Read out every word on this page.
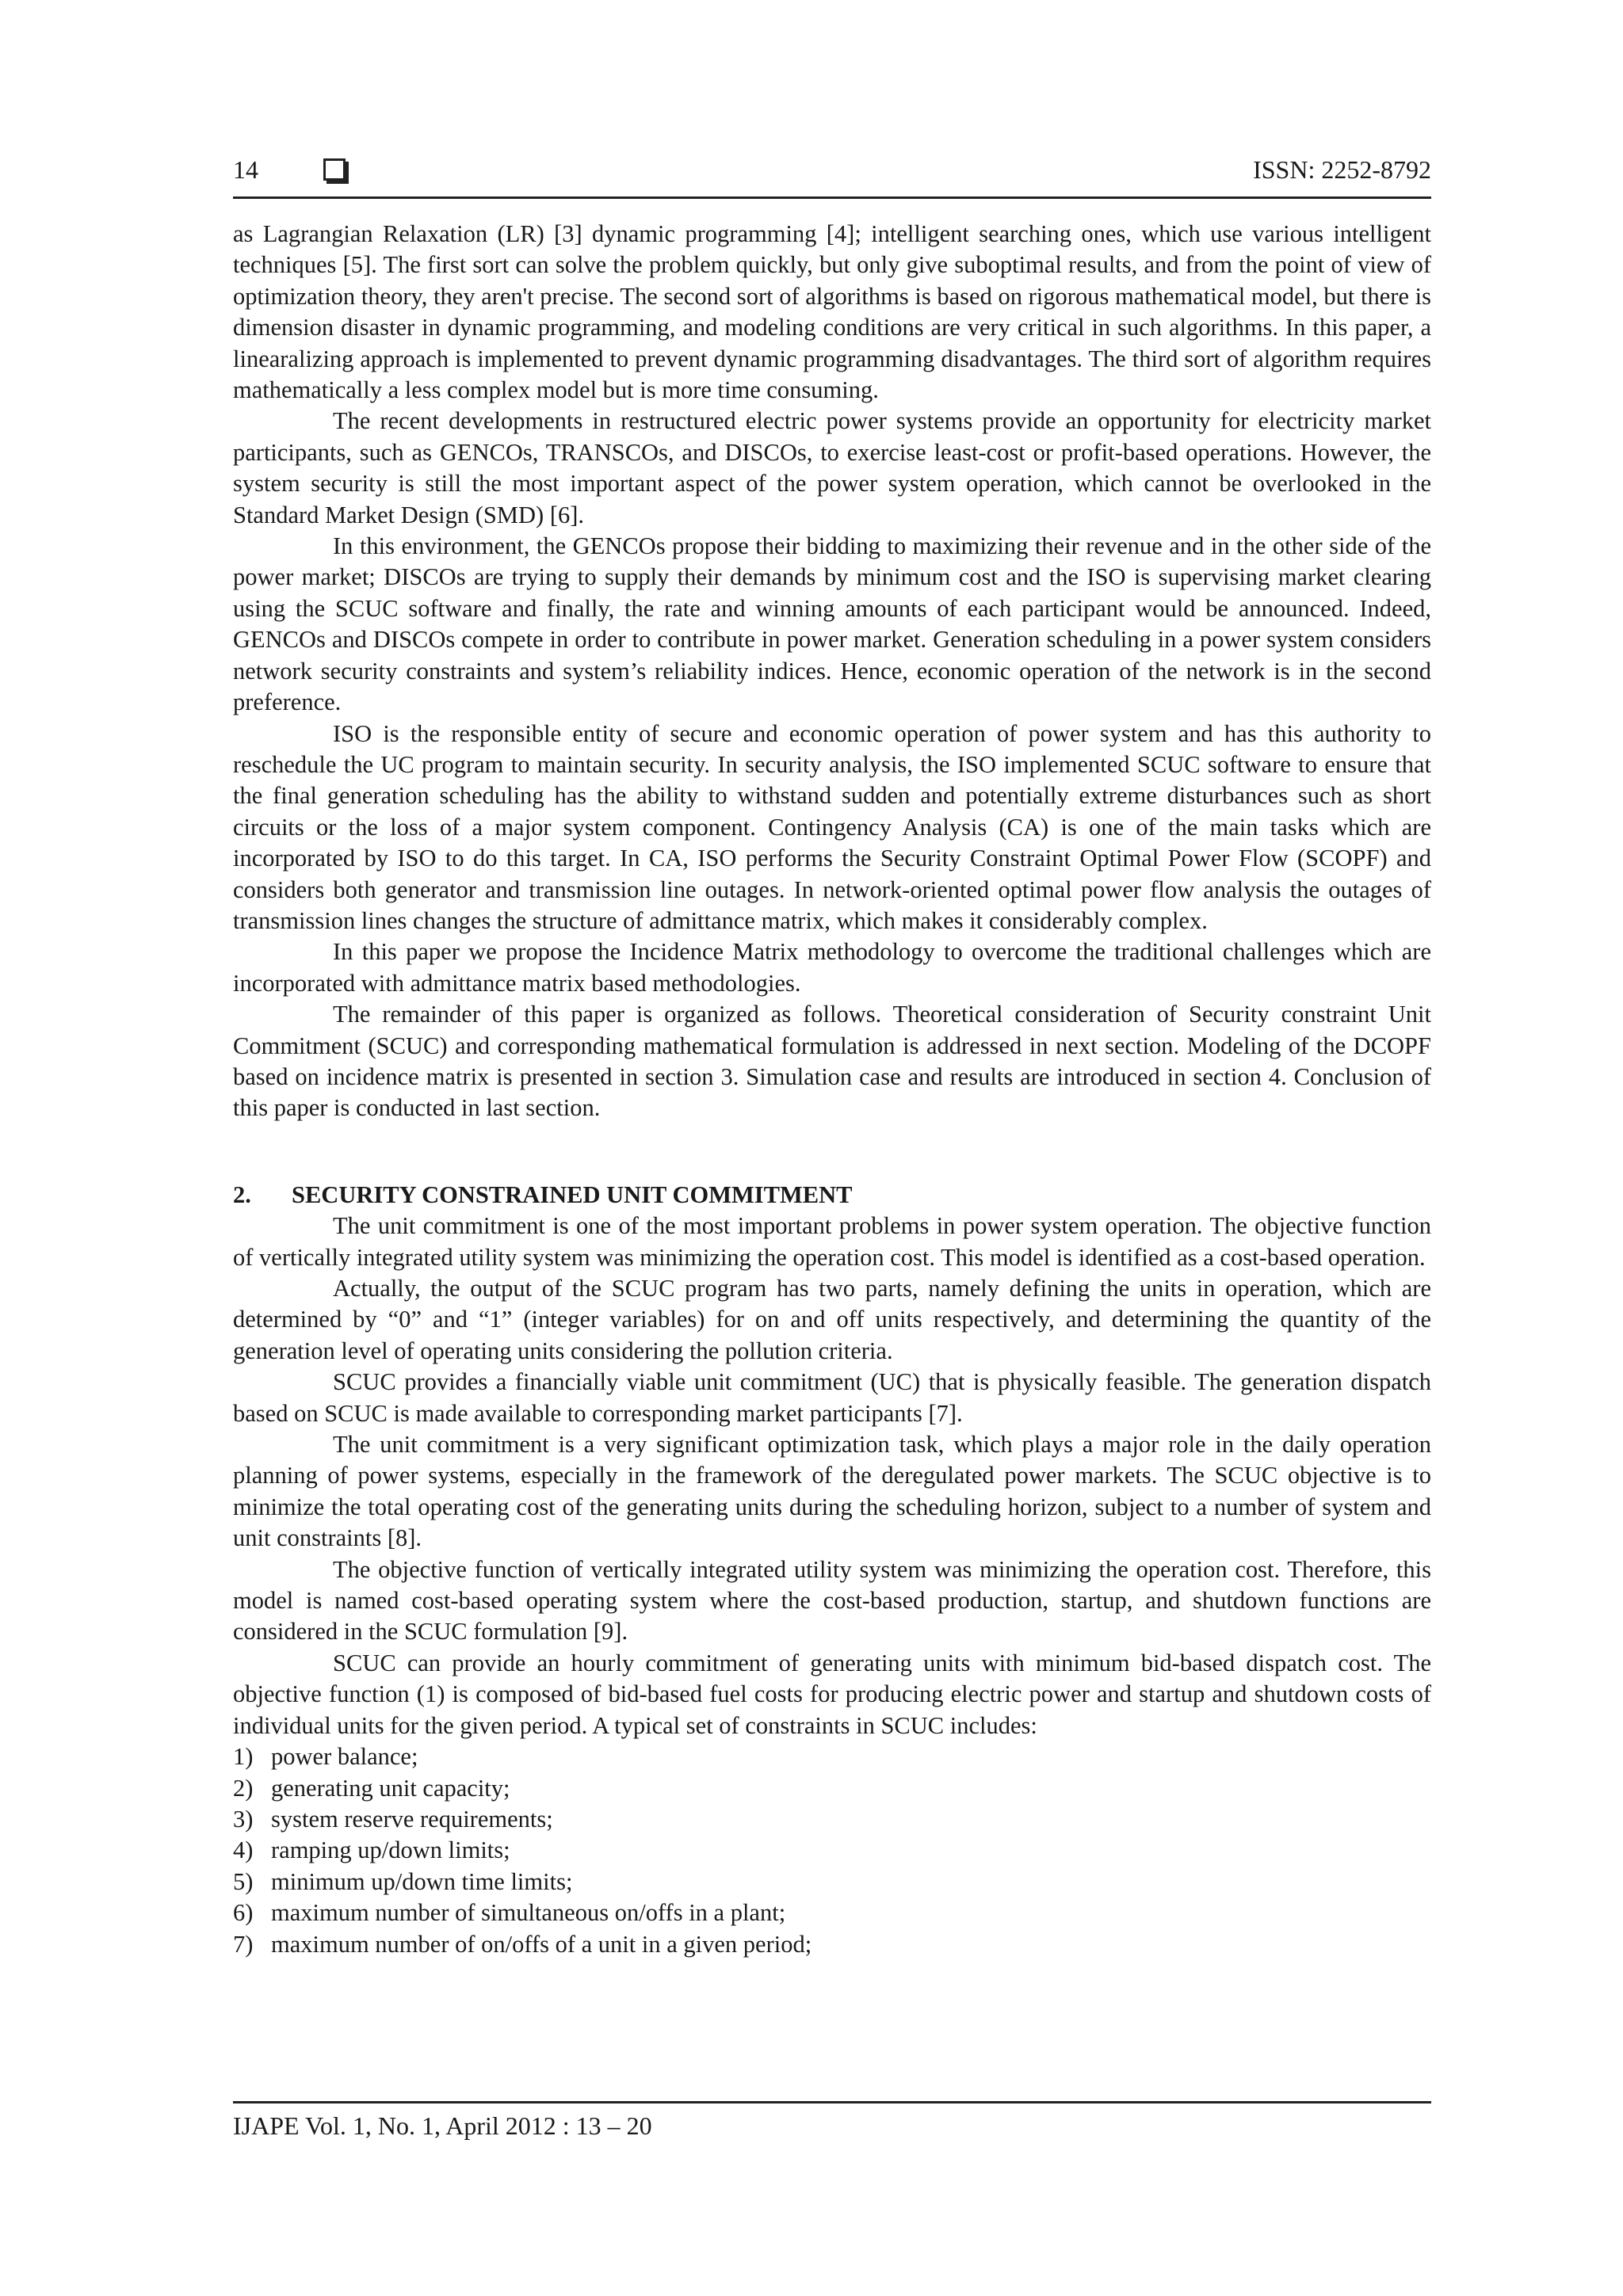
14	ISSN: 2252-8792

as Lagrangian Relaxation (LR) [3] dynamic programming [4]; intelligent searching ones, which use various intelligent techniques [5]. The first sort can solve the problem quickly, but only give suboptimal results, and from the point of view of optimization theory, they aren't precise. The second sort of algorithms is based on rigorous mathematical model, but there is dimension disaster in dynamic programming, and modeling conditions are very critical in such algorithms. In this paper, a linearalizing approach is implemented to prevent dynamic programming disadvantages. The third sort of algorithm requires mathematically a less complex model but is more time consuming.

The recent developments in restructured electric power systems provide an opportunity for electricity market participants, such as GENCOs, TRANSCOs, and DISCOs, to exercise least-cost or profit-based operations. However, the system security is still the most important aspect of the power system operation, which cannot be overlooked in the Standard Market Design (SMD) [6].

In this environment, the GENCOs propose their bidding to maximizing their revenue and in the other side of the power market; DISCOs are trying to supply their demands by minimum cost and the ISO is supervising market clearing using the SCUC software and finally, the rate and winning amounts of each participant would be announced. Indeed, GENCOs and DISCOs compete in order to contribute in power market. Generation scheduling in a power system considers network security constraints and system’s reliability indices. Hence, economic operation of the network is in the second preference.

ISO is the responsible entity of secure and economic operation of power system and has this authority to reschedule the UC program to maintain security. In security analysis, the ISO implemented SCUC software to ensure that the final generation scheduling has the ability to withstand sudden and potentially extreme disturbances such as short circuits or the loss of a major system component. Contingency Analysis (CA) is one of the main tasks which are incorporated by ISO to do this target. In CA, ISO performs the Security Constraint Optimal Power Flow (SCOPF) and considers both generator and transmission line outages. In network-oriented optimal power flow analysis the outages of transmission lines changes the structure of admittance matrix, which makes it considerably complex.

In this paper we propose the Incidence Matrix methodology to overcome the traditional challenges which are incorporated with admittance matrix based methodologies.

The remainder of this paper is organized as follows. Theoretical consideration of Security constraint Unit Commitment (SCUC) and corresponding mathematical formulation is addressed in next section. Modeling of the DCOPF based on incidence matrix is presented in section 3. Simulation case and results are introduced in section 4. Conclusion of this paper is conducted in last section.

2. SECURITY CONSTRAINED UNIT COMMITMENT

The unit commitment is one of the most important problems in power system operation. The objective function of vertically integrated utility system was minimizing the operation cost. This model is identified as a cost-based operation.

Actually, the output of the SCUC program has two parts, namely defining the units in operation, which are determined by “0” and “1” (integer variables) for on and off units respectively, and determining the quantity of the generation level of operating units considering the pollution criteria.

SCUC provides a financially viable unit commitment (UC) that is physically feasible. The generation dispatch based on SCUC is made available to corresponding market participants [7].

The unit commitment is a very significant optimization task, which plays a major role in the daily operation planning of power systems, especially in the framework of the deregulated power markets. The SCUC objective is to minimize the total operating cost of the generating units during the scheduling horizon, subject to a number of system and unit constraints [8].

The objective function of vertically integrated utility system was minimizing the operation cost. Therefore, this model is named cost-based operating system where the cost-based production, startup, and shutdown functions are considered in the SCUC formulation [9].

SCUC can provide an hourly commitment of generating units with minimum bid-based dispatch cost. The objective function (1) is composed of bid-based fuel costs for producing electric power and startup and shutdown costs of individual units for the given period. A typical set of constraints in SCUC includes:

1) power balance;
2) generating unit capacity;
3) system reserve requirements;
4) ramping up/down limits;
5) minimum up/down time limits;
6) maximum number of simultaneous on/offs in a plant;
7) maximum number of on/offs of a unit in a given period;
IJAPE Vol. 1, No. 1, April 2012 : 13 – 20
